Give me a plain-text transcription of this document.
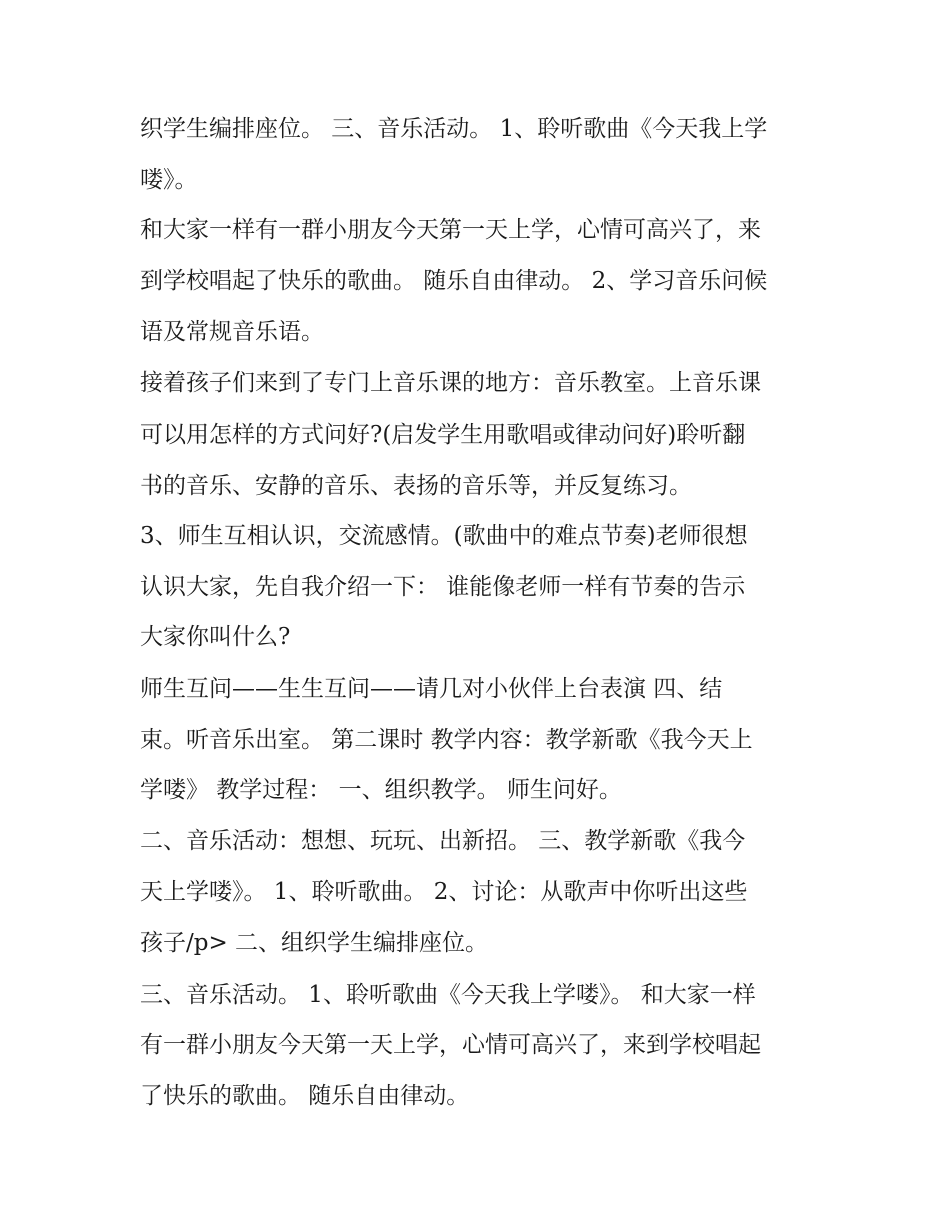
织学生编排座位。 三、音乐活动。 1、聆听歌曲《今天我上学
喽》。
和大家一样有一群小朋友今天第一天上学，心情可高兴了，来
到学校唱起了快乐的歌曲。 随乐自由律动。 2、学习音乐问候
语及常规音乐语。
接着孩子们来到了专门上音乐课的地方：音乐教室。上音乐课
可以用怎样的方式问好?(启发学生用歌唱或律动问好)聆听翻
书的音乐、安静的音乐、表扬的音乐等，并反复练习。
3、师生互相认识，交流感情。(歌曲中的难点节奏)老师很想
认识大家，先自我介绍一下： 谁能像老师一样有节奏的告示
大家你叫什么?
师生互问——生生互问——请几对小伙伴上台表演 四、结
束。听音乐出室。 第二课时 教学内容：教学新歌《我今天上
学喽》 教学过程： 一、组织教学。 师生问好。
二、音乐活动：想想、玩玩、出新招。 三、教学新歌《我今
天上学喽》。 1、聆听歌曲。 2、讨论：从歌声中你听出这些
孩子/p> 二、组织学生编排座位。
三、音乐活动。 1、聆听歌曲《今天我上学喽》。 和大家一样
有一群小朋友今天第一天上学，心情可高兴了，来到学校唱起
了快乐的歌曲。 随乐自由律动。
